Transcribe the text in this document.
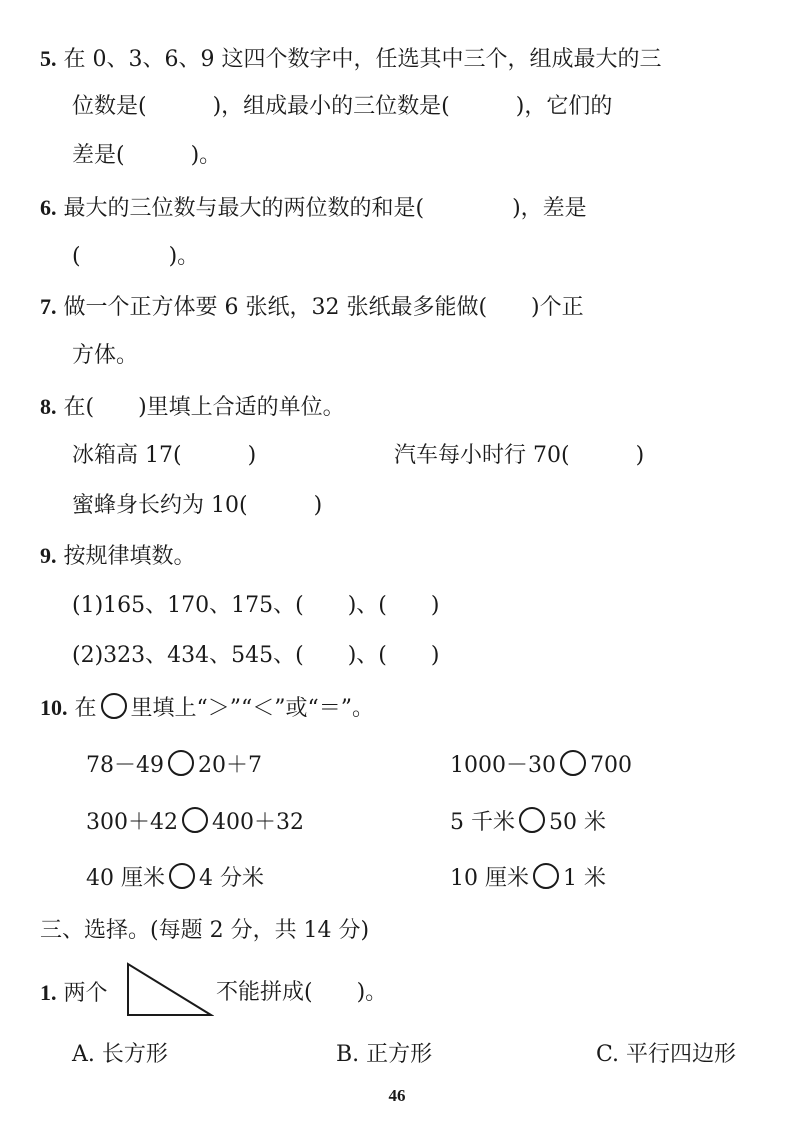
5. 在 0、3、6、9 这四个数字中，任选其中三个，组成最大的三
位数是(　　　)，组成最小的三位数是(　　　)，它们的
差是(　　　)。
6. 最大的三位数与最大的两位数的和是(　　　　)，差是
(　　　　)。
7. 做一个正方体要 6 张纸，32 张纸最多能做(　　)个正
方体。
8. 在(　　)里填上合适的单位。
冰箱高 17(　　　)	汽车每小时行 70(　　　)
蜜蜂身长约为 10(　　　)
9. 按规律填数。
(1)165、170、175、(　　)、(　　)
(2)323、434、545、(　　)、(　　)
10. 在 里填上“＞”“＜”或“＝”。
78－49 20＋7	1000－30 700
300＋42 400＋32	5 千米 50 米
40 厘米 4 分米	10 厘米 1 米
三、选择。(每题 2 分，共 14 分)
1. 两个	不能拼成(　　)。
A. 长方形	B. 正方形	C. 平行四边形
46
